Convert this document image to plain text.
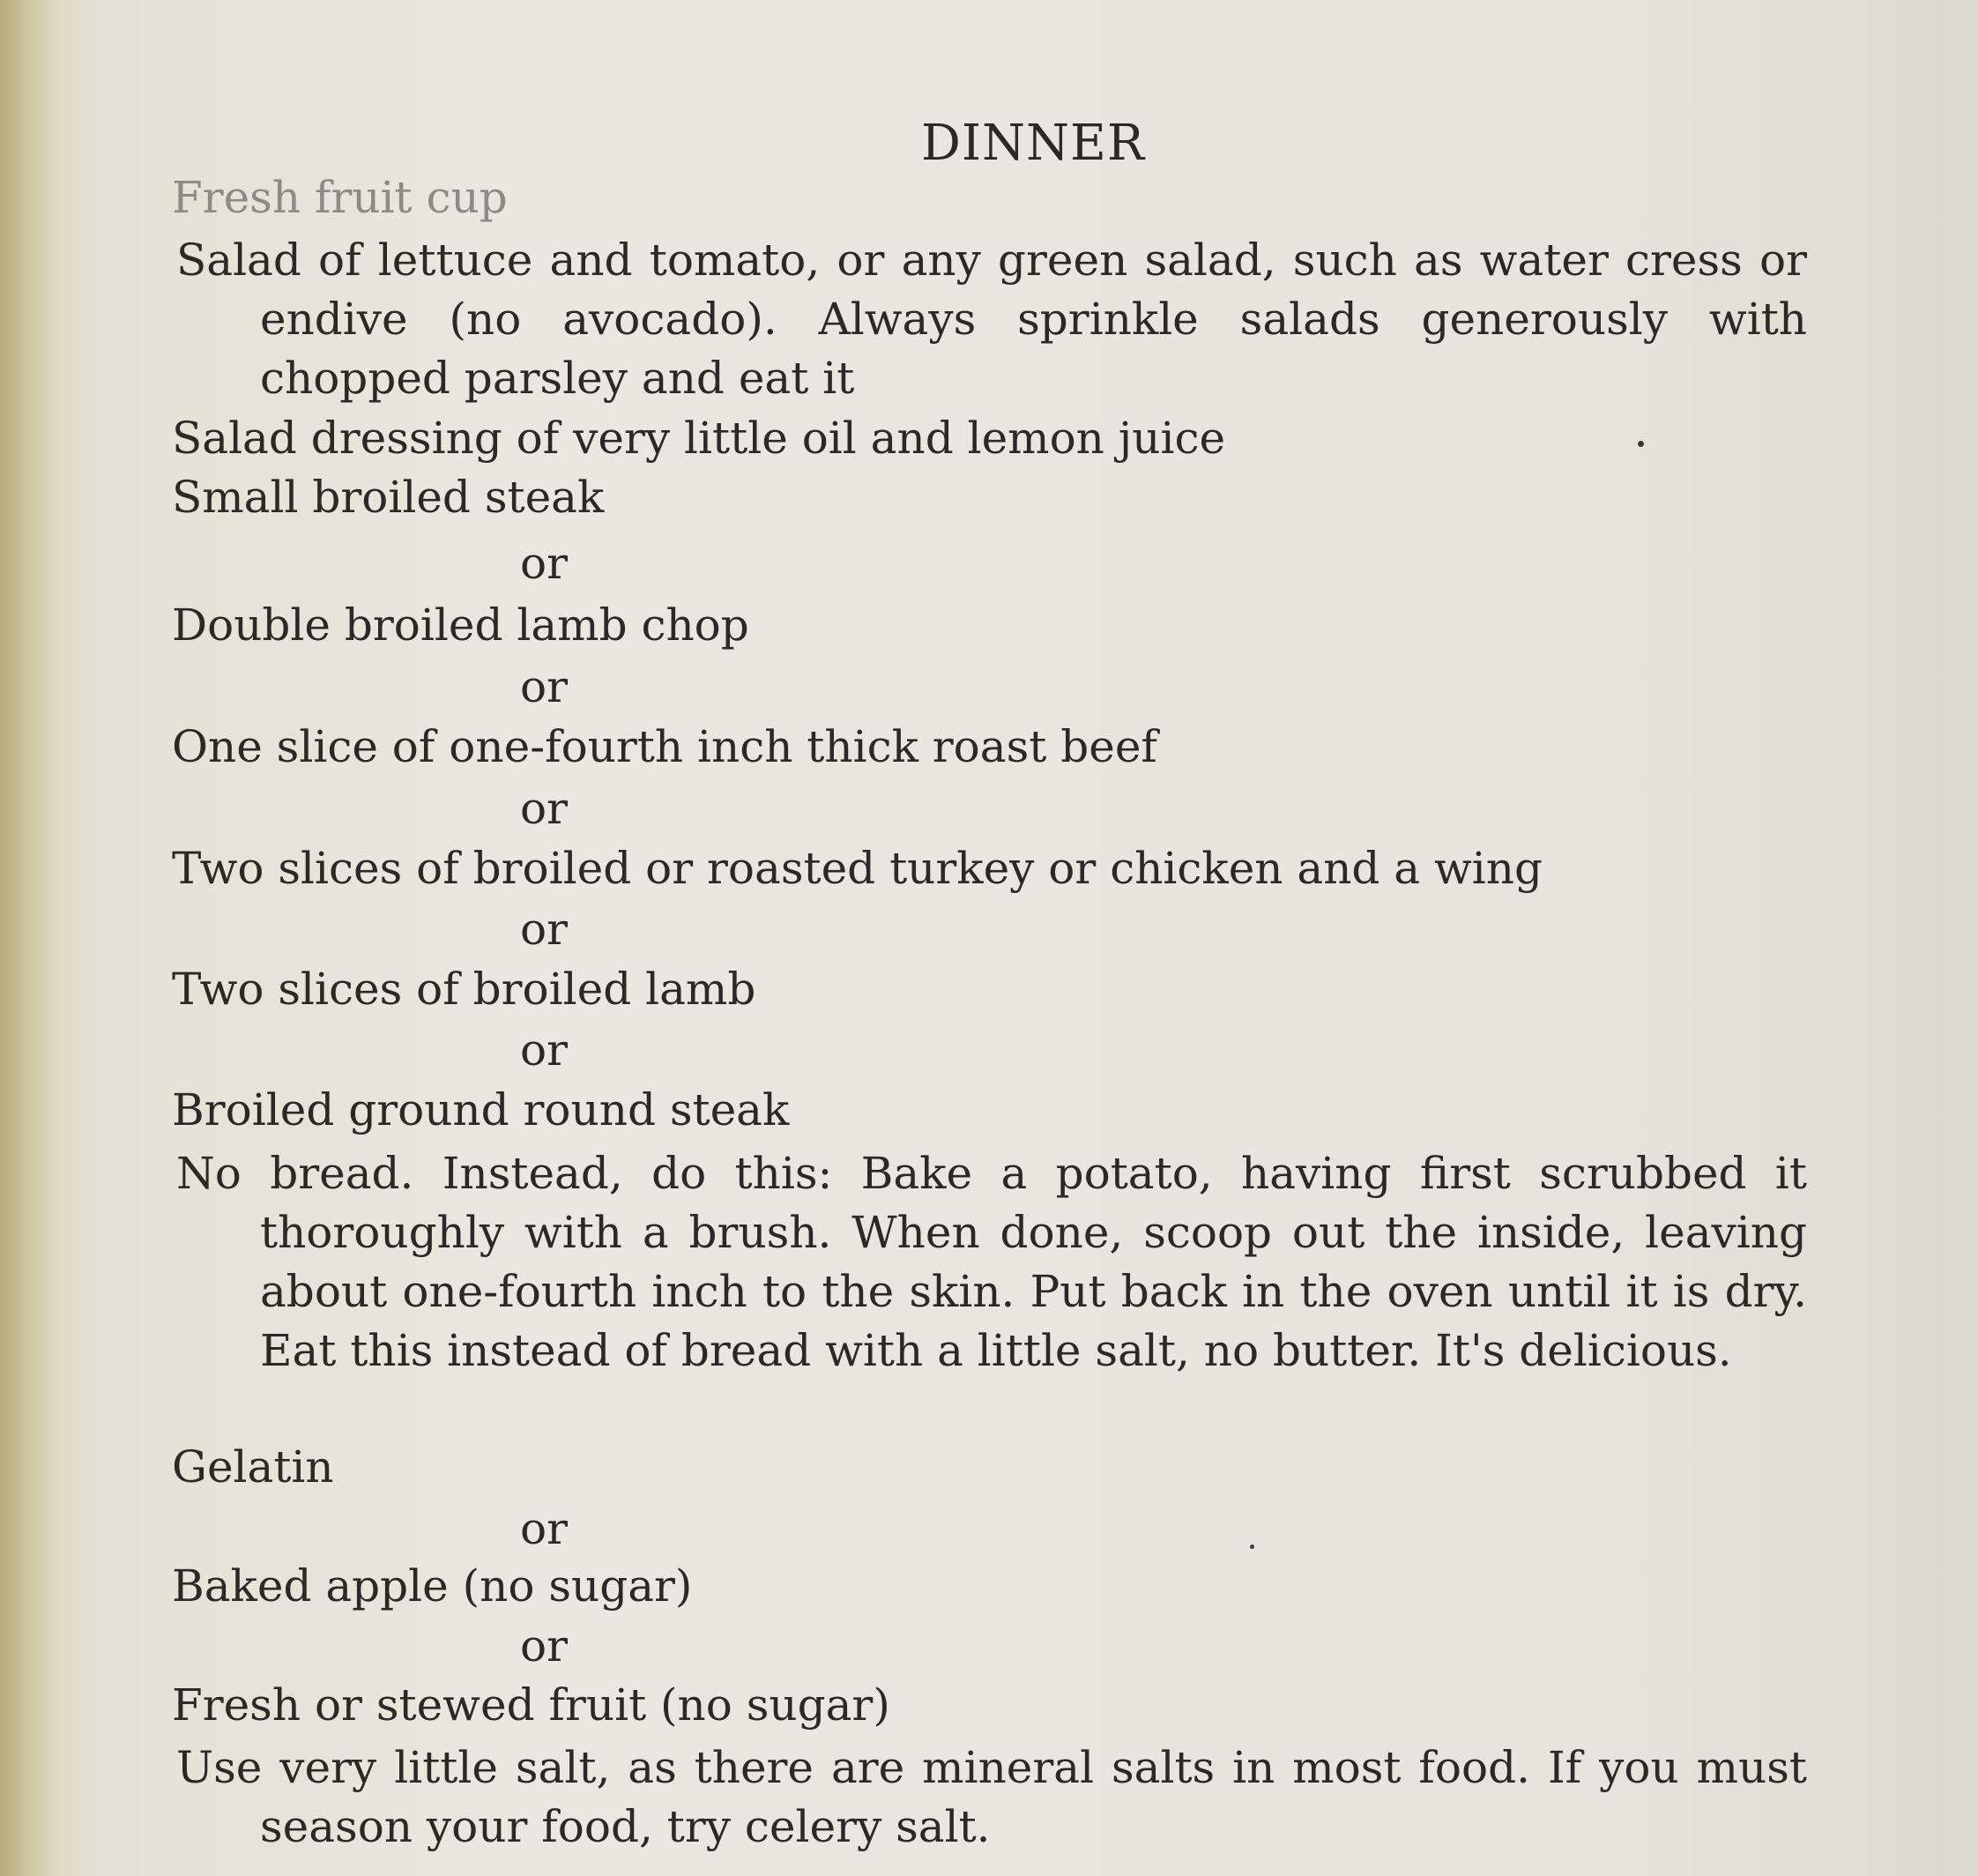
DINNER
Fresh fruit cup
Salad of lettuce and tomato, or any green salad, such as water cress or endive (no avocado). Always sprinkle salads generously with chopped parsley and eat it
Salad dressing of very little oil and lemon juice
Small broiled steak
or
Double broiled lamb chop
or
One slice of one-fourth inch thick roast beef
or
Two slices of broiled or roasted turkey or chicken and a wing
or
Two slices of broiled lamb
or
Broiled ground round steak
No bread. Instead, do this: Bake a potato, having first scrubbed it thoroughly with a brush. When done, scoop out the inside, leaving about one-fourth inch to the skin. Put back in the oven until it is dry. Eat this instead of bread with a little salt, no butter. It's delicious.
Gelatin
or
Baked apple (no sugar)
or
Fresh or stewed fruit (no sugar)
Use very little salt, as there are mineral salts in most food. If you must season your food, try celery salt.
